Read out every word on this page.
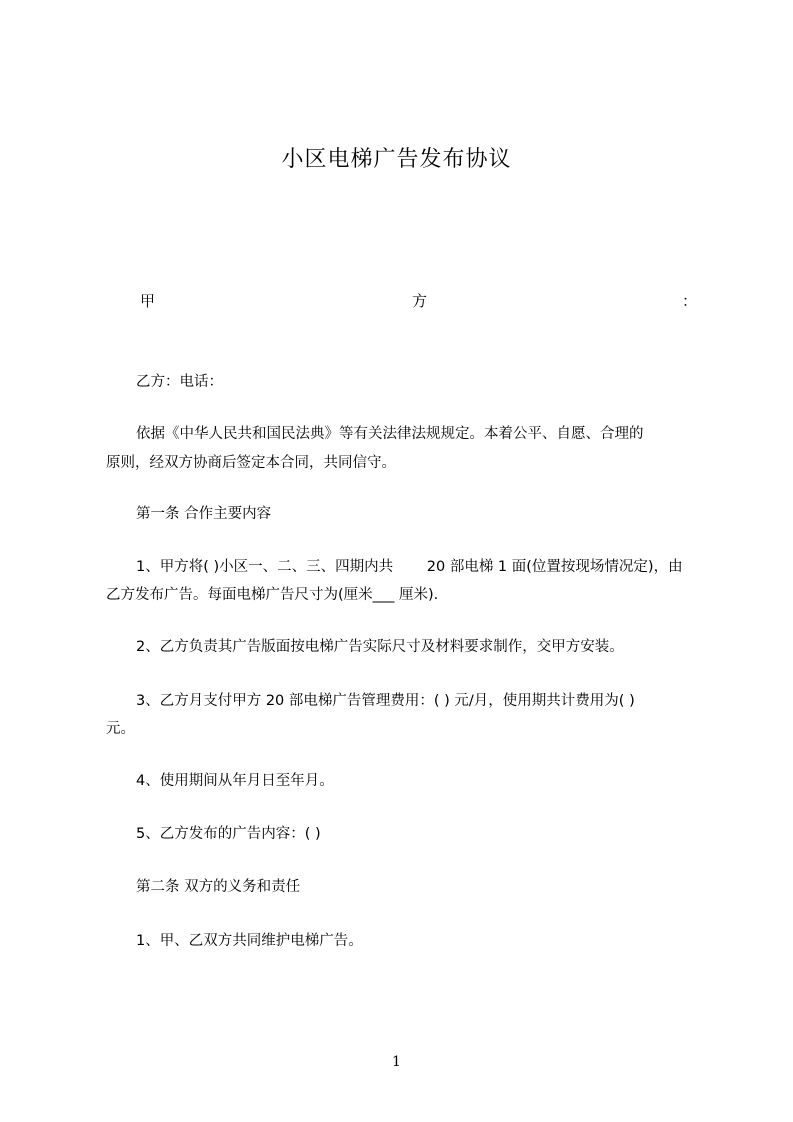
小区电梯广告发布协议
甲	方	：
乙方：电话：
依据《中华人民共和国民法典》等有关法律法规规定。本着公平、自愿、合理的
原则，经双方协商后签定本合同，共同信守。
第一条 合作主要内容
1、甲方将( )小区一、二、三、四期内共　　 20 部电梯 1 面(位置按现场情况定)，由
乙方发布广告。每面电梯广告尺寸为(厘米___ 厘米).
2、乙方负责其广告版面按电梯广告实际尺寸及材料要求制作，交甲方安装。
3、乙方月支付甲方 20 部电梯广告管理费用：( ) 元/月，使用期共计费用为( )
元。
4、使用期间从年月日至年月。
5、乙方发布的广告内容：( )
第二条 双方的义务和责任
1、甲、乙双方共同维护电梯广告。
1
